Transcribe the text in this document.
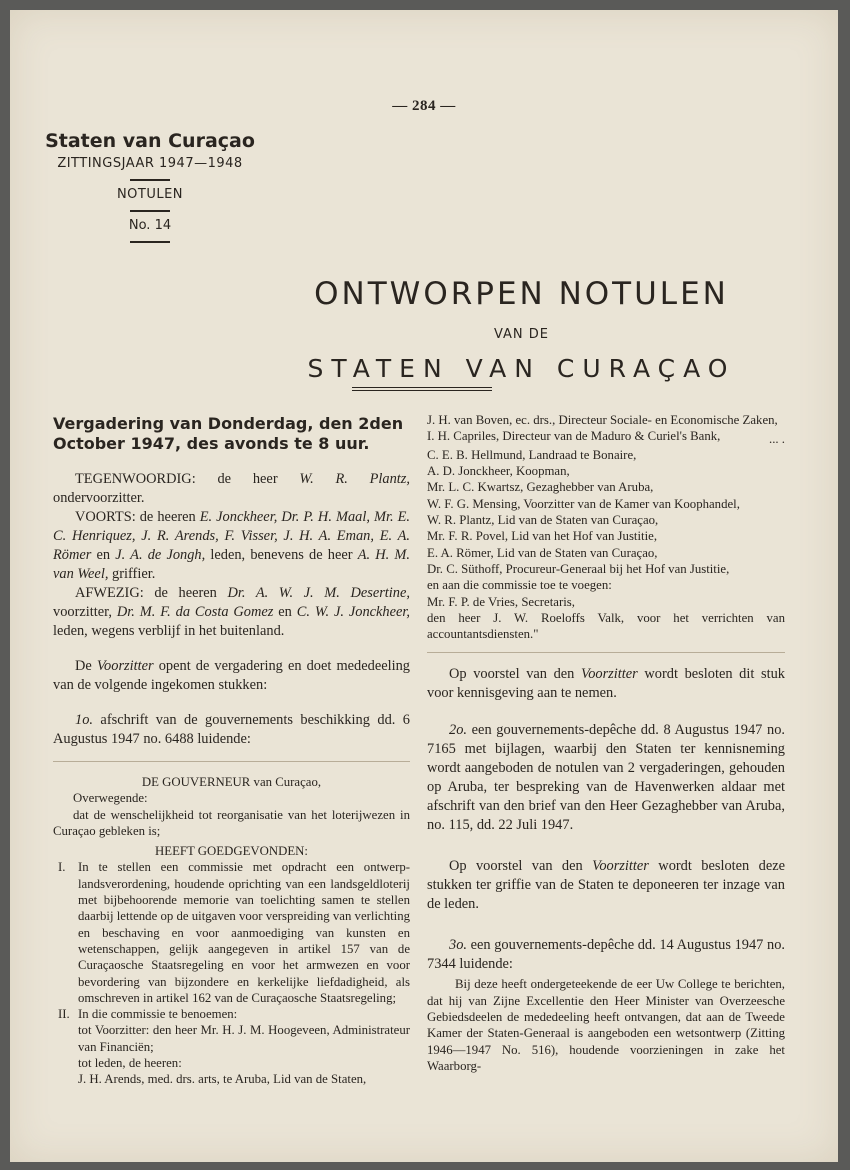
— 284 —
Staten van Curaçao
ZITTINGSJAAR 1947—1948
NOTULEN
No. 14
ONTWORPEN NOTULEN
VAN DE
STATEN VAN CURAÇAO

Vergadering van Donderdag, den 2den October 1947, des avonds te 8 uur.

TEGENWOORDIG: de heer W. R. Plantz, ondervoorzitter.

VOORTS: de heeren E. Jonckheer, Dr. P. H. Maal, Mr. E. C. Henriquez, J. R. Arends, F. Visser, J. H. A. Eman, E. A. Römer en J. A. de Jongh, leden, benevens de heer A. H. M. van Weel, griffier.

AFWEZIG: de heeren Dr. A. W. J. M. Desertine, voorzitter, Dr. M. F. da Costa Gomez en C. W. J. Jonckheer, leden, wegens verblijf in het buitenland.

De Voorzitter opent de vergadering en doet mededeeling van de volgende ingekomen stukken:

1o. afschrift van de gouvernements beschikking dd. 6 Augustus 1947 no. 6488 luidende:

DE GOUVERNEUR van Curaçao,

Overwegende:

dat de wenschelijkheid tot reorganisatie van het loterijwezen in Curaçao gebleken is;

HEEFT GOEDGEVONDEN:

I. In te stellen een commissie met opdracht een ontwerp-landsverordening, houdende oprichting van een landsgeldloterij met bijbehoorende memorie van toelichting samen te stellen daarbij lettende op de uitgaven voor verspreiding van verlichting en beschaving en voor aanmoediging van kunsten en wetenschappen, gelijk aangegeven in artikel 157 van de Curaçaosche Staatsregeling en voor het armwezen en voor bevordering van bijzondere en kerkelijke liefdadigheid, als omschreven in artikel 162 van de Curaçaosche Staatsregeling;

II. In die commissie te benoemen:

tot Voorzitter: den heer Mr. H. J. M. Hoogeveen, Administrateur van Financiën;

tot leden, de heeren:

J. H. Arends, med. drs. arts, te Aruba, Lid van de Staten,

J. H. van Boven, ec. drs., Directeur Sociale- en Economische Zaken,

I. H. Capriles, Directeur van de Maduro & Curiel's Bank,	... .

C. E. B. Hellmund, Landraad te Bonaire,

A. D. Jonckheer, Koopman,

Mr. L. C. Kwartsz, Gezaghebber van Aruba,

W. F. G. Mensing, Voorzitter van de Kamer van Koophandel,

W. R. Plantz, Lid van de Staten van Curaçao,

Mr. F. R. Povel, Lid van het Hof van Justitie,

E. A. Römer, Lid van de Staten van Curaçao,

Dr. C. Süthoff, Procureur-Generaal bij het Hof van Justitie,

en aan die commissie toe te voegen:

Mr. F. P. de Vries, Secretaris,

den heer J. W. Roeloffs Valk, voor het verrichten van accountantsdiensten."

Op voorstel van den Voorzitter wordt besloten dit stuk voor kennisgeving aan te nemen.

2o. een gouvernements-depêche dd. 8 Augustus 1947 no. 7165 met bijlagen, waarbij den Staten ter kennisneming wordt aangeboden de notulen van 2 vergaderingen, gehouden op Aruba, ter bespreking van de Havenwerken aldaar met afschrift van den brief van den Heer Gezaghebber van Aruba, no. 115, dd. 22 Juli 1947.

Op voorstel van den Voorzitter wordt besloten deze stukken ter griffie van de Staten te deponeeren ter inzage van de leden.

3o. een gouvernements-depêche dd. 14 Augustus 1947 no. 7344 luidende:

Bij deze heeft ondergeteekende de eer Uw College te berichten, dat hij van Zijne Excellentie den Heer Minister van Overzeesche Gebiedsdeelen de mededeeling heeft ontvangen, dat aan de Tweede Kamer der Staten-Generaal is aangeboden een wetsontwerp (Zitting 1946—1947 No. 516), houdende voorzieningen in zake het Waarborg-
